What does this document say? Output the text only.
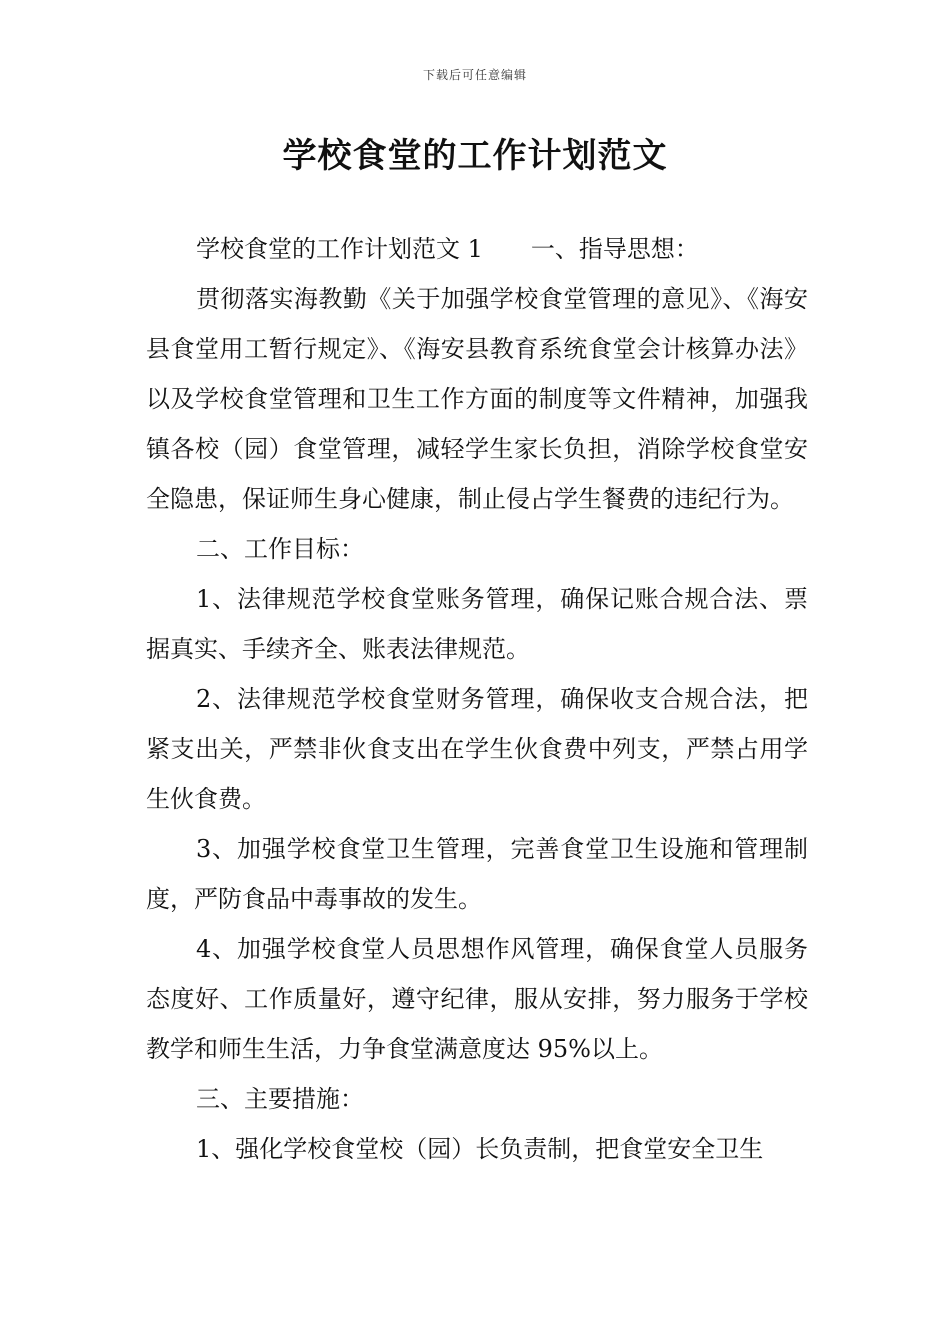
下载后可任意编辑
学校食堂的工作计划范文

学校食堂的工作计划范文 1 一、指导思想：

贯彻落实海教勤《关于加强学校食堂管理的意见》、《海安县食堂用工暂行规定》、《海安县教育系统食堂会计核算办法》以及学校食堂管理和卫生工作方面的制度等文件精神，加强我镇各校（园）食堂管理，减轻学生家长负担，消除学校食堂安全隐患，保证师生身心健康，制止侵占学生餐费的违纪行为。

二、工作目标：

1、法律规范学校食堂账务管理，确保记账合规合法、票据真实、手续齐全、账表法律规范。

2、法律规范学校食堂财务管理，确保收支合规合法，把紧支出关，严禁非伙食支出在学生伙食费中列支，严禁占用学生伙食费。

3、加强学校食堂卫生管理，完善食堂卫生设施和管理制度，严防食品中毒事故的发生。

4、加强学校食堂人员思想作风管理，确保食堂人员服务态度好、工作质量好，遵守纪律，服从安排，努力服务于学校教学和师生生活，力争食堂满意度达 95%以上。

三、主要措施：

1、强化学校食堂校（园）长负责制，把食堂安全卫生
